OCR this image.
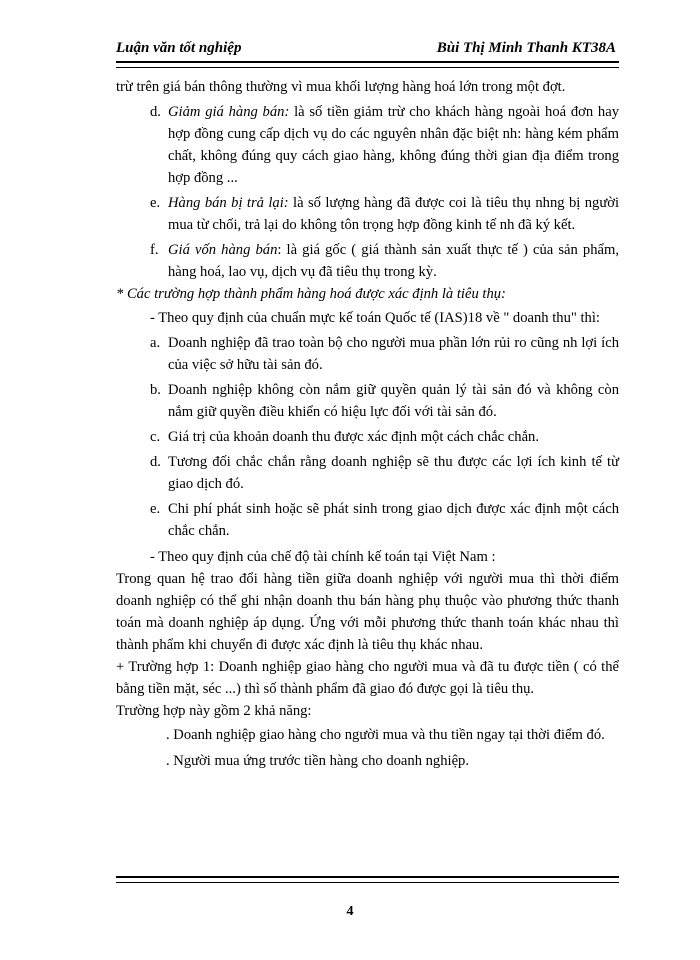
Luận văn tốt nghiệp	Bùi Thị Minh Thanh KT38A

trừ trên giá bán thông thường vì mua khối lượng hàng hoá lớn trong một đợt.

d. Giảm giá hàng bán: là số tiền giảm trừ cho khách hàng ngoài hoá đơn hay hợp đồng cung cấp dịch vụ do các nguyên nhân đặc biệt nh: hàng kém phẩm chất, không đúng quy cách giao hàng, không đúng thời gian địa điểm trong hợp đồng ...
e. Hàng bán bị trả lại: là số lượng hàng đã được coi là tiêu thụ nhng bị người mua từ chối, trả lại do không tôn trọng hợp đồng kinh tế nh đã ký kết.
f. Giá vốn hàng bán: là giá gốc ( giá thành sản xuất thực tế ) của sản phẩm, hàng hoá, lao vụ, dịch vụ đã tiêu thụ trong kỳ.

* Các trường hợp thành phẩm hàng hoá được xác định là tiêu thụ:

- Theo quy định của chuẩn mực kế toán Quốc tế (IAS)18 về " doanh thu" thì:

a. Doanh nghiệp đã trao toàn bộ cho người mua phần lớn rủi ro cũng nh lợi ích của việc sở hữu tài sản đó.
b. Doanh nghiệp không còn nắm giữ quyền quản lý tài sản đó và không còn nắm giữ quyền điều khiển có hiệu lực đối với tài sản đó.
c. Giá trị của khoản doanh thu được xác định một cách chắc chắn.
d. Tương đối chắc chắn rằng doanh nghiệp sẽ thu được các lợi ích kinh tế từ giao dịch đó.
e. Chi phí phát sinh hoặc sẽ phát sinh trong giao dịch được xác định một cách chắc chắn.

- Theo quy định của chế độ tài chính kế toán tại Việt Nam :

Trong quan hệ trao đổi hàng tiền giữa doanh nghiệp với người mua thì thời điểm doanh nghiệp có thể ghi nhận doanh thu bán hàng phụ thuộc vào phương thức thanh toán mà doanh nghiệp áp dụng. Ứng với mỗi phương thức thanh toán khác nhau thì thành phẩm khi chuyển đi được xác định là tiêu thụ khác nhau.

+ Trường hợp 1: Doanh nghiệp giao hàng cho người mua và đã tu được tiền ( có thể bằng tiền mặt, séc ...) thì số thành phẩm đã giao đó được gọi là tiêu thụ.

Trường hợp này gồm 2 khả năng:

. Doanh nghiệp giao hàng cho người mua và thu tiền ngay tại thời điểm đó.

. Người mua ứng trước tiền hàng cho doanh nghiệp.

4
